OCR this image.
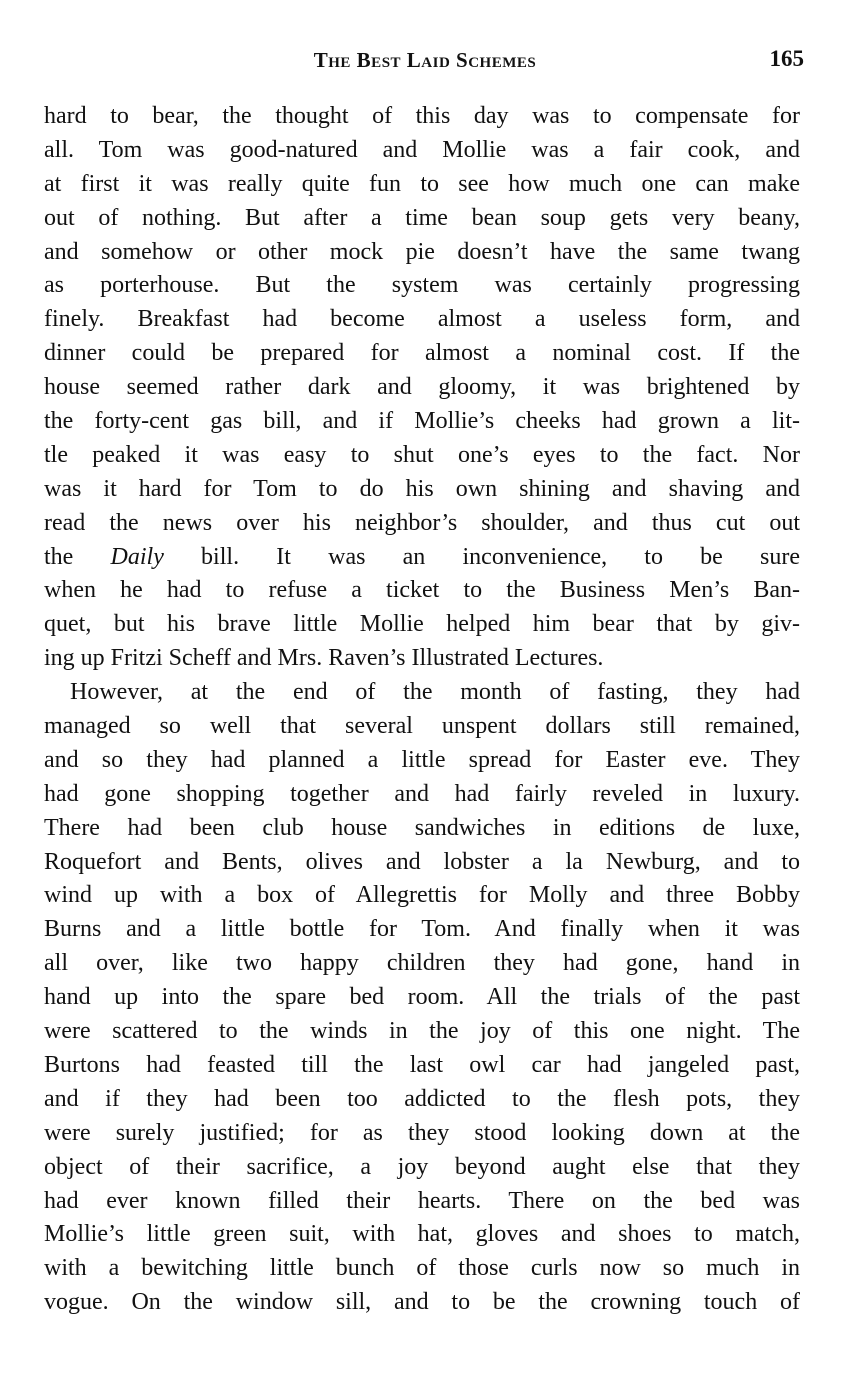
The Best Laid Schemes	165
hard to bear, the thought of this day was to compensate for
all. Tom was good-natured and Mollie was a fair cook, and
at first it was really quite fun to see how much one can make
out of nothing. But after a time bean soup gets very beany,
and somehow or other mock pie doesn’t have the same twang
as porterhouse. But the system was certainly progressing
finely. Breakfast had become almost a useless form, and
dinner could be prepared for almost a nominal cost. If the
house seemed rather dark and gloomy, it was brightened by
the forty-cent gas bill, and if Mollie’s cheeks had grown a lit-
tle peaked it was easy to shut one’s eyes to the fact. Nor
was it hard for Tom to do his own shining and shaving and
read the news over his neighbor’s shoulder, and thus cut out
the Daily bill. It was an inconvenience, to be sure
when he had to refuse a ticket to the Business Men’s Ban-
quet, but his brave little Mollie helped him bear that by giv-
ing up Fritzi Scheff and Mrs. Raven’s Illustrated Lectures.
However, at the end of the month of fasting, they had
managed so well that several unspent dollars still remained,
and so they had planned a little spread for Easter eve. They
had gone shopping together and had fairly reveled in luxury.
There had been club house sandwiches in editions de luxe,
Roquefort and Bents, olives and lobster a la Newburg, and to
wind up with a box of Allegrettis for Molly and three Bobby
Burns and a little bottle for Tom. And finally when it was
all over, like two happy children they had gone, hand in
hand up into the spare bed room. All the trials of the past
were scattered to the winds in the joy of this one night. The
Burtons had feasted till the last owl car had jangeled past,
and if they had been too addicted to the flesh pots, they
were surely justified; for as they stood looking down at the
object of their sacrifice, a joy beyond aught else that they
had ever known filled their hearts. There on the bed was
Mollie’s little green suit, with hat, gloves and shoes to match,
with a bewitching little bunch of those curls now so much in
vogue. On the window sill, and to be the crowning touch of
